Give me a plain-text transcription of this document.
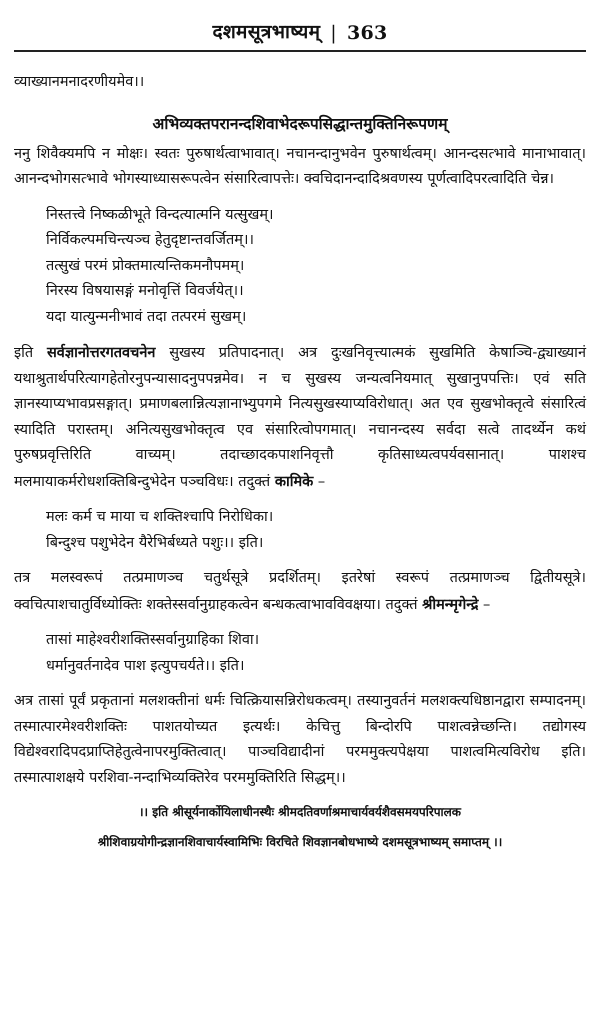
दशमसूत्रभाष्यम् | 363

व्याख्यानमनादरणीयमेव।।

अभिव्यक्तपरानन्दशिवाभेदरूपसिद्धान्तमुक्तिनिरूपणम्

ननु शिवैक्यमपि न मोक्षः। स्वतः पुरुषार्थत्वाभावात्। नचानन्दानुभवेन पुरुषार्थत्वम्। आनन्दसत्भावे मानाभावात्। आनन्दभोगसत्भावे भोगस्याध्यासरूपत्वेन संसारित्वापत्तेः। क्वचिदानन्दादिश्रवणस्य पूर्णत्वादिपरत्वादिति चेन्न।

निस्तत्त्वे निष्कळीभूते विन्दत्यात्मनि यत्सुखम्।

निर्विकल्पमचिन्त्यञ्च हेतुदृष्टान्तवर्जितम्।।

तत्सुखं परमं प्रोक्तमात्यन्तिकमनौपमम्।

निरस्य विषयासङ्गं मनोवृत्तिं विवर्जयेत्।।

यदा यात्युन्मनीभावं तदा तत्परमं सुखम्।

इति सर्वज्ञानोत्तरगतवचनेन सुखस्य प्रतिपादनात्। अत्र दुःखनिवृत्त्यात्मकं सुखमिति केषाञ्चि-द्व्याख्यानं यथाश्रुतार्थपरित्यागहेतोरनुपन्यासादनुपपन्नमेव। न च सुखस्य जन्यत्वनियमात् सुखानुपपत्तिः। एवं सति ज्ञानस्याप्यभावप्रसङ्गात्। प्रमाणबलान्नित्यज्ञानाभ्युपगमे नित्यसुखस्याप्यविरोधात्। अत एव सुखभोक्तृत्वे संसारित्वं स्यादिति परास्तम्। अनित्यसुखभोक्तृत्व एव संसारित्वोपगमात्। नचानन्दस्य सर्वदा सत्वे तादर्थ्येन कथं पुरुषप्रवृत्तिरिति वाच्यम्। तदाच्छादकपाशनिवृत्तौ कृतिसाध्यत्वपर्यवसानात्। पाशश्च मलमायाकर्मरोधशक्तिबिन्दुभेदेन पञ्चविधः। तदुक्तं कामिके –

मलः कर्म च माया च शक्तिश्चापि निरोधिका।

बिन्दुश्च पशुभेदेन यैरेभिर्बध्यते पशुः।। इति।

तत्र मलस्वरूपं तत्प्रमाणञ्च चतुर्थसूत्रे प्रदर्शितम्। इतरेषां स्वरूपं तत्प्रमाणञ्च द्वितीयसूत्रे। क्वचित्पाशचातुर्विध्योक्तिः शक्तेस्सर्वानुग्राहकत्वेन बन्धकत्वाभावविवक्षया। तदुक्तं श्रीमन्मृगेन्द्रे –

तासां माहेश्वरीशक्तिस्सर्वानुग्राहिका शिवा।

धर्मानुवर्तनादेव पाश इत्युपचर्यते।। इति।

अत्र तासां पूर्वं प्रकृतानां मलशक्तीनां धर्मः चित्क्रियासन्निरोधकत्वम्। तस्यानुवर्तनं मलशक्त्यधिष्ठानद्वारा सम्पादनम्। तस्मात्पारमेश्वरीशक्तिः पाशतयोच्यत इत्यर्थः। केचित्तु बिन्दोरपि पाशत्वन्नेच्छन्ति। तद्योगस्य विद्येश्वरादिपदप्राप्तिहेतुत्वेनापरमुक्तित्वात्। पाञ्चविद्यादीनां परममुक्त्यपेक्षया पाशत्वमित्यविरोध इति। तस्मात्पाशक्षये परशिवा-नन्दाभिव्यक्तिरेव परममुक्तिरिति सिद्धम्।।

।। इति श्रीसूर्यनार्कोयिलाधीनस्थैः श्रीमदतिवर्णाश्रमाचार्यवर्यशैवसमयपरिपालक
श्रीशिवाग्रयोगीन्द्रज्ञानशिवाचार्यस्वामिभिः विरचिते शिवज्ञानबोधभाष्ये दशमसूत्रभाष्यम् समाप्तम् ।।
